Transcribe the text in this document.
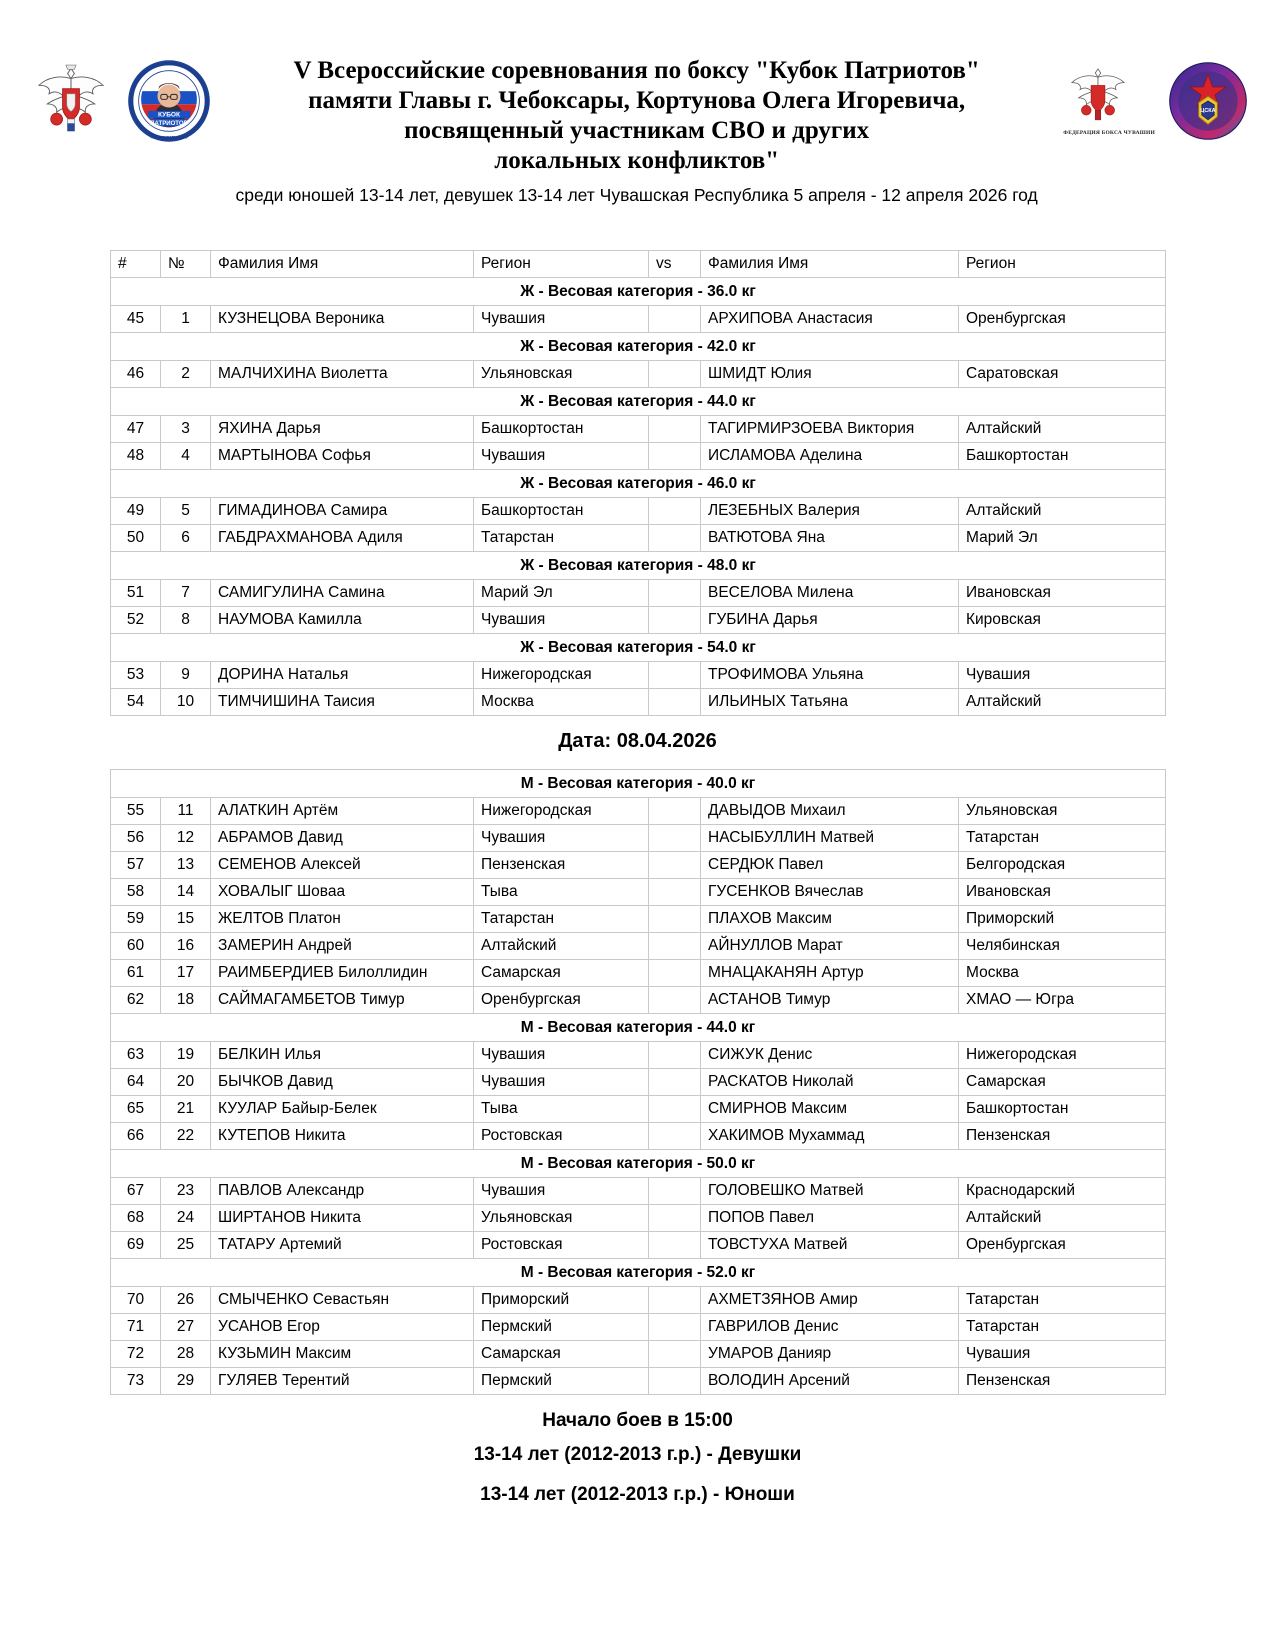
КУБОК
ПАТРИОТОВ
Г. ЧЕБОКСАРЫ, 2026
V Всероссийские соревнования по боксу "Кубок Патриотов"
памяти Главы г. Чебоксары, Кортунова Олега Игоревича,
посвященный участникам СВО и других
локальных конфликтов"
среди юношей 13-14 лет, девушек 13-14 лет Чувашская Республика 5 апреля - 12 апреля 2026 год
ФЕДЕРАЦИЯ БОКСА ЧУВАШИИ
ЦСКА
#	№	Фамилия Имя	Регион	vs	Фамилия Имя	Регион
Ж - Весовая категория - 36.0 кг						
45	1	КУЗНЕЦОВА Вероника	Чувашия		АРХИПОВА Анастасия	Оренбургская
Ж - Весовая категория - 42.0 кг						
46	2	МАЛЧИХИНА Виолетта	Ульяновская		ШМИДТ Юлия	Саратовская
Ж - Весовая категория - 44.0 кг						
47	3	ЯХИНА Дарья	Башкортостан		ТАГИРМИРЗОЕВА Виктория	Алтайский
48	4	МАРТЫНОВА Софья	Чувашия		ИСЛАМОВА Аделина	Башкортостан
Ж - Весовая категория - 46.0 кг						
49	5	ГИМАДИНОВА Самира	Башкортостан		ЛЕЗЕБНЫХ Валерия	Алтайский
50	6	ГАБДРАХМАНОВА Адиля	Татарстан		ВАТЮТОВА Яна	Марий Эл
Ж - Весовая категория - 48.0 кг						
51	7	САМИГУЛИНА Самина	Марий Эл		ВЕСЕЛОВА Милена	Ивановская
52	8	НАУМОВА Камилла	Чувашия		ГУБИНА Дарья	Кировская
Ж - Весовая категория - 54.0 кг						
53	9	ДОРИНА Наталья	Нижегородская		ТРОФИМОВА Ульяна	Чувашия
54	10	ТИМЧИШИНА Таисия	Москва		ИЛЬИНЫХ Татьяна	Алтайский
Дата: 08.04.2026
М - Весовая категория - 40.0 кг						
55	11	АЛАТКИН Артём	Нижегородская		ДАВЫДОВ Михаил	Ульяновская
56	12	АБРАМОВ Давид	Чувашия		НАСЫБУЛЛИН Матвей	Татарстан
57	13	СЕМЕНОВ Алексей	Пензенская		СЕРДЮК Павел	Белгородская
58	14	ХОВАЛЫГ Шоваа	Тыва		ГУСЕНКОВ Вячеслав	Ивановская
59	15	ЖЕЛТОВ Платон	Татарстан		ПЛАХОВ Максим	Приморский
60	16	ЗАМЕРИН Андрей	Алтайский		АЙНУЛЛОВ Марат	Челябинская
61	17	РАИМБЕРДИЕВ Билоллидин	Самарская		МНАЦАКАНЯН Артур	Москва
62	18	САЙМАГАМБЕТОВ Тимур	Оренбургская		АСТАНОВ Тимур	ХМАО — Югра
М - Весовая категория - 44.0 кг						
63	19	БЕЛКИН Илья	Чувашия		СИЖУК Денис	Нижегородская
64	20	БЫЧКОВ Давид	Чувашия		РАСКАТОВ Николай	Самарская
65	21	КУУЛАР Байыр-Белек	Тыва		СМИРНОВ Максим	Башкортостан
66	22	КУТЕПОВ Никита	Ростовская		ХАКИМОВ Мухаммад	Пензенская
М - Весовая категория - 50.0 кг						
67	23	ПАВЛОВ Александр	Чувашия		ГОЛОВЕШКО Матвей	Краснодарский
68	24	ШИРТАНОВ Никита	Ульяновская		ПОПОВ Павел	Алтайский
69	25	ТАТАРУ Артемий	Ростовская		ТОВСТУХА Матвей	Оренбургская
М - Весовая категория - 52.0 кг						
70	26	СМЫЧЕНКО Севастьян	Приморский		АХМЕТЗЯНОВ Амир	Татарстан
71	27	УСАНОВ Егор	Пермский		ГАВРИЛОВ Денис	Татарстан
72	28	КУЗЬМИН Максим	Самарская		УМАРОВ Данияр	Чувашия
73	29	ГУЛЯЕВ Терентий	Пермский		ВОЛОДИН Арсений	Пензенская
Начало боев в 15:00
13-14 лет (2012-2013 г.р.) - Девушки
13-14 лет (2012-2013 г.р.) - Юноши
